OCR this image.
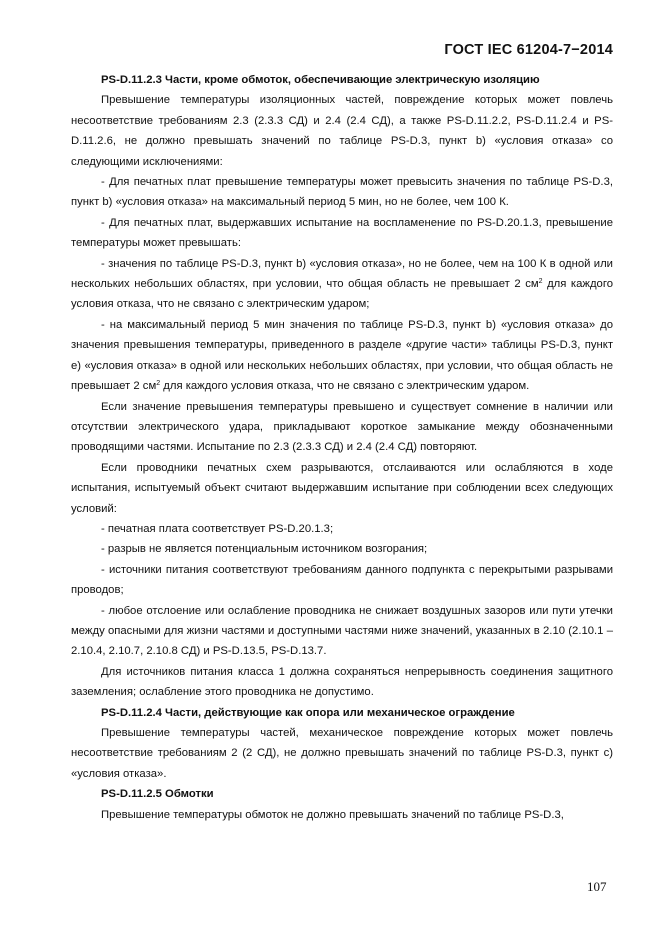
ГОСТ IEC 61204-7−2014

PS-D.11.2.3 Части, кроме обмоток, обеспечивающие электрическую изоляцию

Превышение температуры изоляционных частей, повреждение которых может повлечь несоответствие требованиям 2.3 (2.3.3 СД) и 2.4 (2.4 СД), а также PS-D.11.2.2, PS-D.11.2.4 и PS-D.11.2.6, не должно превышать значений по таблице PS-D.3, пункт b) «условия отказа» со следующими исключениями:

- Для печатных плат превышение температуры может превысить значения по таблице PS-D.3, пункт b) «условия отказа» на максимальный период 5 мин, но не более, чем 100 К.

- Для печатных плат, выдержавших испытание на воспламенение по PS-D.20.1.3, превышение температуры может превышать:

- значения по таблице PS-D.3, пункт b) «условия отказа», но не более, чем на 100 К в одной или нескольких небольших областях, при условии, что общая область не превышает 2 $см^2$ для каждого условия отказа, что не связано с электрическим ударом;

- на максимальный период 5 мин значения по таблице PS-D.3, пункт b) «условия отказа» до значения превышения температуры, приведенного в разделе «другие части» таблицы PS-D.3, пункт e) «условия отказа» в одной или нескольких небольших областях, при условии, что общая область не превышает 2 $см^2$ для каждого условия отказа, что не связано с электрическим ударом.

Если значение превышения температуры превышено и существует сомнение в наличии или отсутствии электрического удара, прикладывают короткое замыкание между обозначенными проводящими частями. Испытание по 2.3 (2.3.3 СД) и 2.4 (2.4 СД) повторяют.

Если проводники печатных схем разрываются, отслаиваются или ослабляются в ходе испытания, испытуемый объект считают выдержавшим испытание при соблюдении всех следующих условий:

- печатная плата соответствует PS-D.20.1.3;

- разрыв не является потенциальным источником возгорания;

- источники питания соответствуют требованиям данного подпункта с перекрытыми разрывами проводов;

- любое отслоение или ослабление проводника не снижает воздушных зазоров или пути утечки между опасными для жизни частями и доступными частями ниже значений, указанных в 2.10 (2.10.1 – 2.10.4, 2.10.7, 2.10.8 СД) и PS-D.13.5, PS-D.13.7.

Для источников питания класса 1 должна сохраняться непрерывность соединения защитного заземления; ослабление этого проводника не допустимо.

PS-D.11.2.4 Части, действующие как опора или механическое ограждение

Превышение температуры частей, механическое повреждение которых может повлечь несоответствие требованиям 2 (2 СД), не должно превышать значений по таблице PS-D.3, пункт c) «условия отказа».

PS-D.11.2.5 Обмотки

Превышение температуры обмоток не должно превышать значений по таблице PS-D.3,

107
